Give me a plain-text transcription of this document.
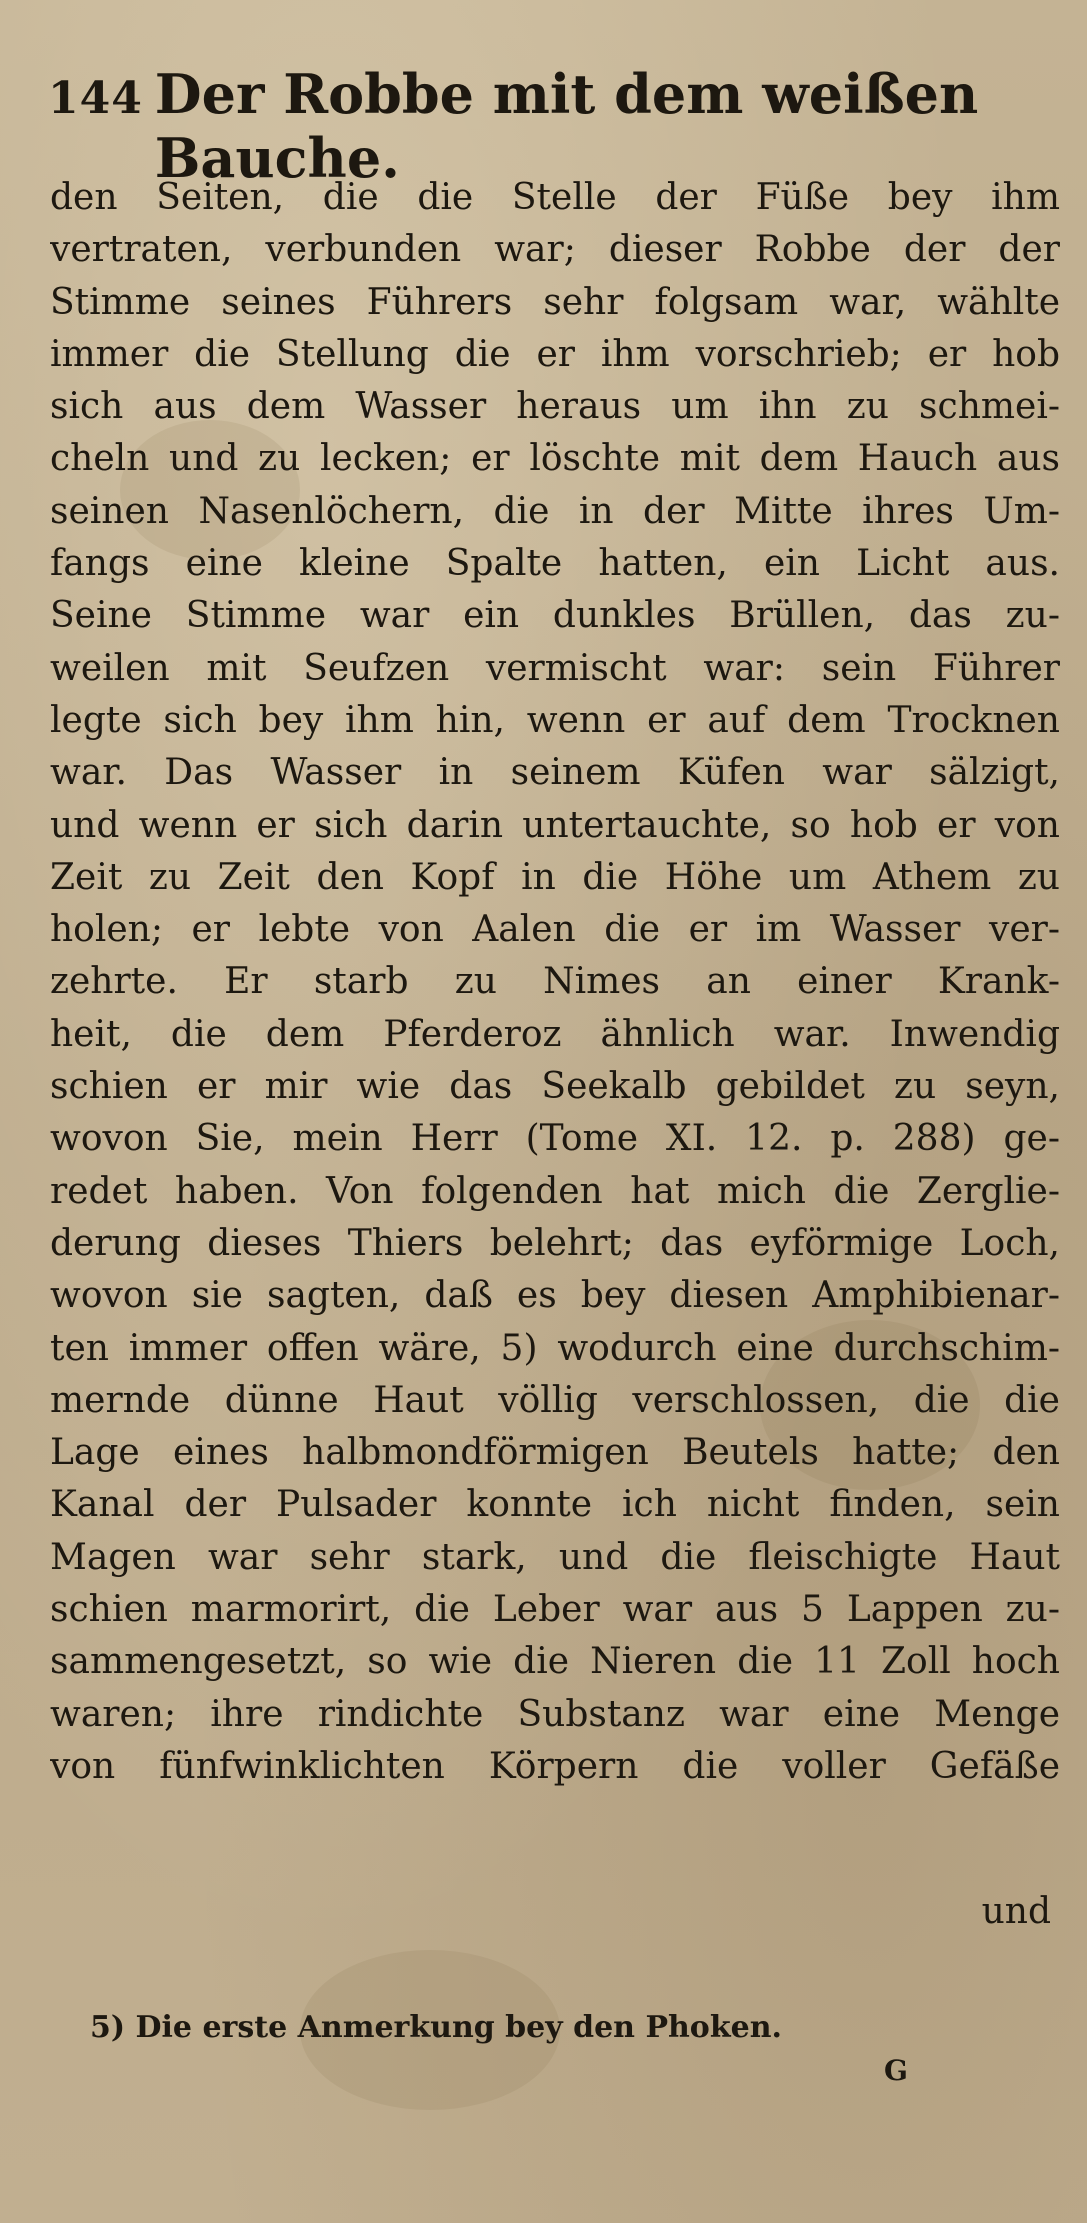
144 Der Robbe mit dem weißen Bauche.
den Seiten, die die Stelle der Füße bey ihm
vertraten, verbunden war; dieser Robbe der der
Stimme seines Führers sehr folgsam war, wählte
immer die Stellung die er ihm vorschrieb; er hob
sich aus dem Wasser heraus um ihn zu schmei-
cheln und zu lecken; er löschte mit dem Hauch aus
seinen Nasenlöchern, die in der Mitte ihres Um-
fangs eine kleine Spalte hatten, ein Licht aus.
Seine Stimme war ein dunkles Brüllen, das zu-
weilen mit Seufzen vermischt war: sein Führer
legte sich bey ihm hin, wenn er auf dem Trocknen
war. Das Wasser in seinem Küfen war sälzigt,
und wenn er sich darin untertauchte, so hob er von
Zeit zu Zeit den Kopf in die Höhe um Athem zu
holen; er lebte von Aalen die er im Wasser ver-
zehrte. Er starb zu Nimes an einer Krank-
heit, die dem Pferderoz ähnlich war. Inwendig
schien er mir wie das Seekalb gebildet zu seyn,
wovon Sie, mein Herr (Tome XI. 12. p. 288) ge-
redet haben. Von folgenden hat mich die Zerglie-
derung dieses Thiers belehrt; das eyförmige Loch,
wovon sie sagten, daß es bey diesen Amphibienar-
ten immer offen wäre, 5) wodurch eine durchschim-
mernde dünne Haut völlig verschlossen, die die
Lage eines halbmondförmigen Beutels hatte; den
Kanal der Pulsader konnte ich nicht finden, sein
Magen war sehr stark, und die fleischigte Haut
schien marmorirt, die Leber war aus 5 Lappen zu-
sammengesetzt, so wie die Nieren die 11 Zoll hoch
waren; ihre rindichte Substanz war eine Menge
von fünfwinklichten Körpern die voller Gefäße
und
5) Die erste Anmerkung bey den Phoken.
G
